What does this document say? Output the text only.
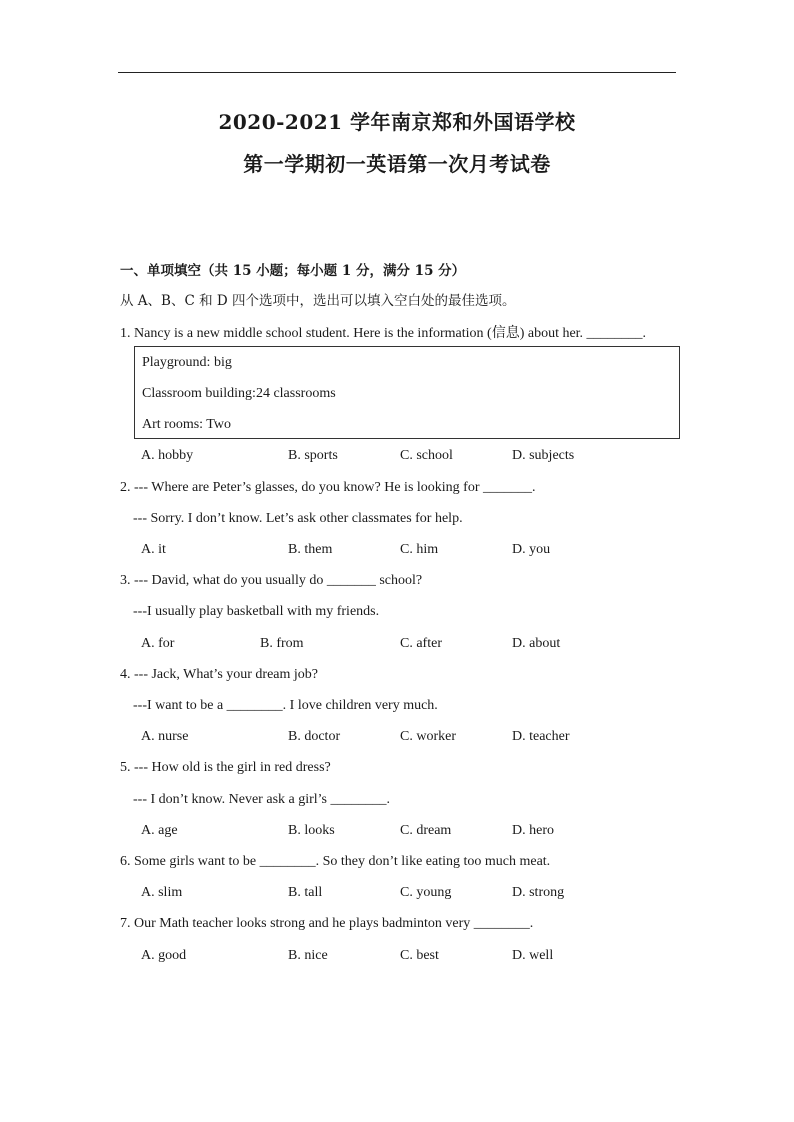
2020-2021 学年南京郑和外国语学校
第一学期初一英语第一次月考试卷
一、单项填空（共 15 小题；每小题 1 分，满分 15 分）
从 A、B、C 和 D 四个选项中，选出可以填入空白处的最佳选项。
1. Nancy is a new middle school student. Here is the information (信息) about her. ________.
Playground: big
Classroom building:24 classrooms
Art rooms: Two
A. hobby	B. sports	C. school	D. subjects
2. --- Where are Peter’s glasses, do you know? He is looking for _______.
--- Sorry. I don’t know. Let’s ask other classmates for help.
A. it	B. them	C. him	D. you
3. --- David, what do you usually do _______ school?
---I usually play basketball with my friends.
A. for	B. from	C. after	D. about
4. --- Jack, What’s your dream job?
---I want to be a ________. I love children very much.
A. nurse	B. doctor	C. worker	D. teacher
5. --- How old is the girl in red dress?
--- I don’t know. Never ask a girl’s ________.
A. age	B. looks	C. dream	D. hero
6. Some girls want to be ________. So they don’t like eating too much meat.
A. slim	B. tall	C. young	D. strong
7. Our Math teacher looks strong and he plays badminton very ________.
A. good	B. nice	C. best	D. well
